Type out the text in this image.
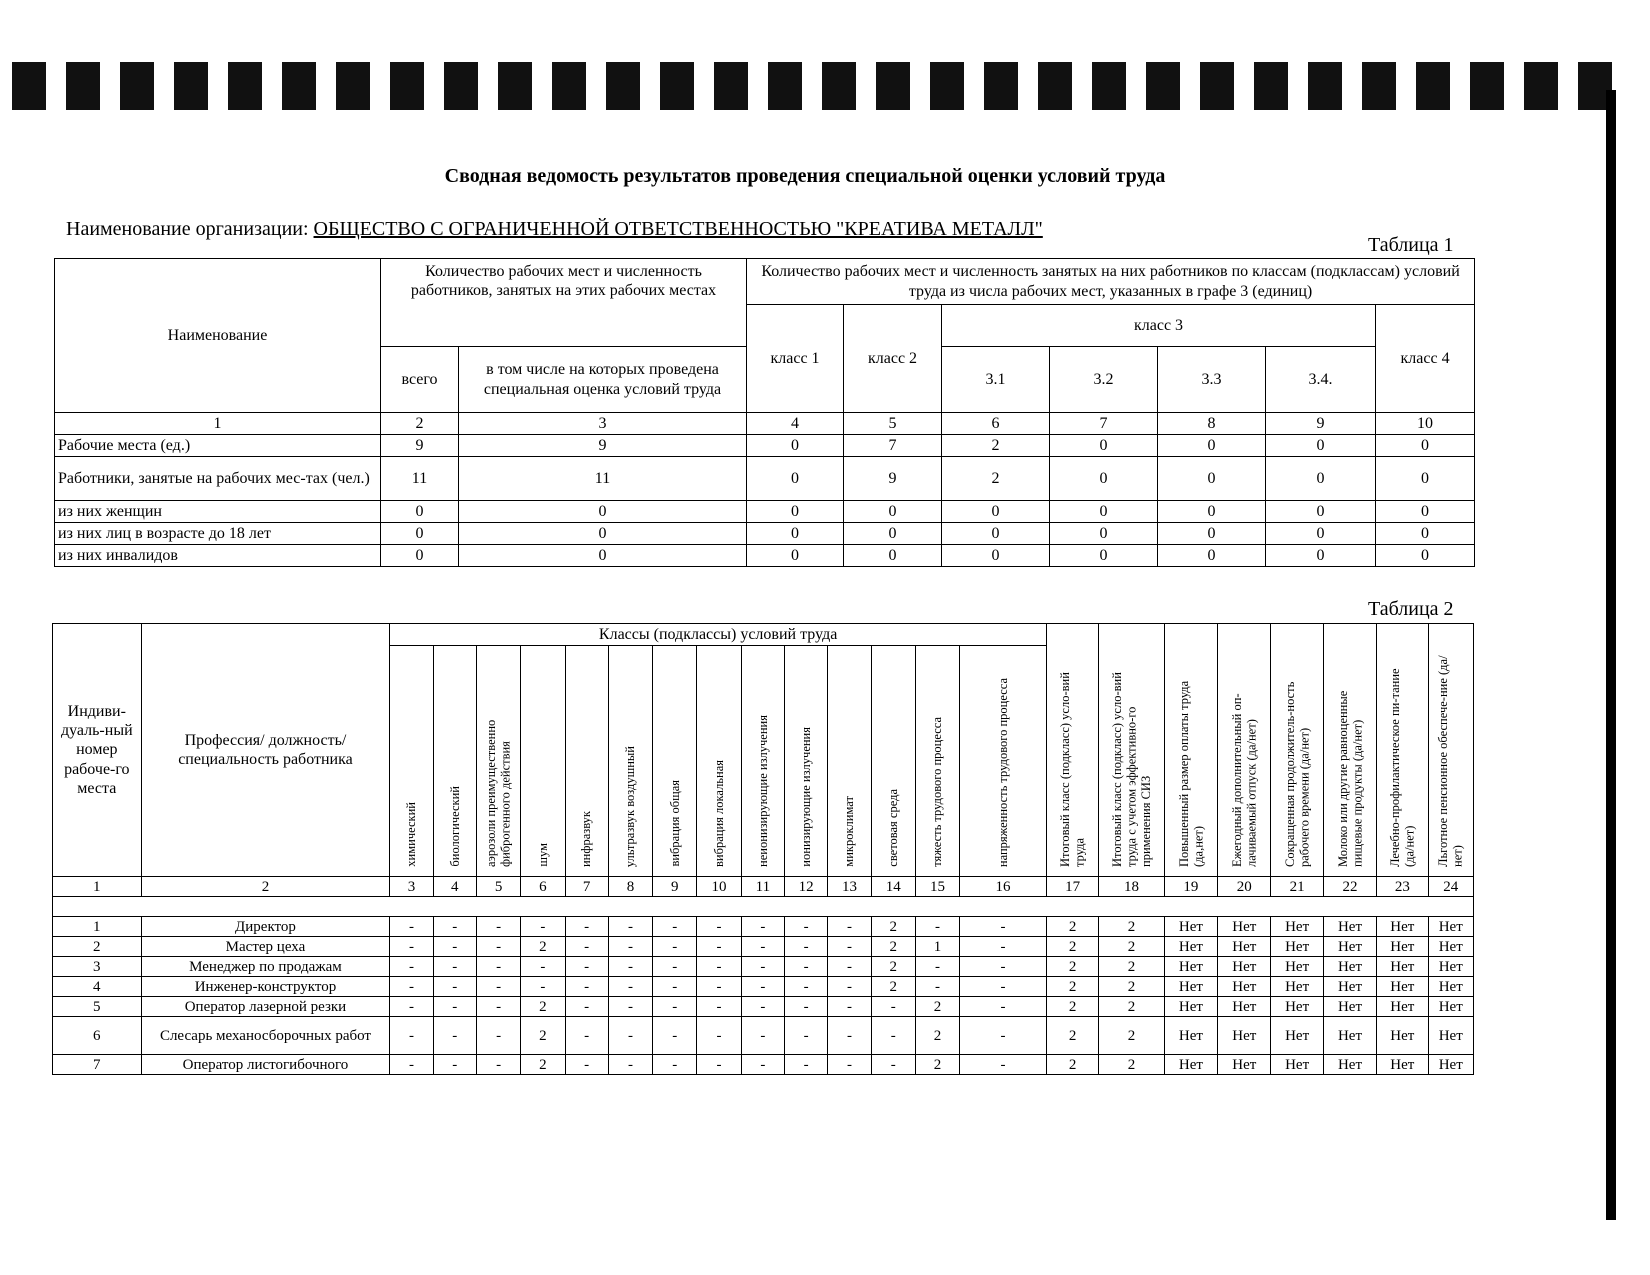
Сводная ведомость результатов проведения специальной оценки условий труда
Наименование организации: ОБЩЕСТВО С ОГРАНИЧЕННОЙ ОТВЕТСТВЕННОСТЬЮ "КРЕАТИВА МЕТАЛЛ"
Таблица 1
Наименование	Количество рабочих мест и численность работников, занятых на этих рабочих местах		Количество рабочих мест и численность занятых на них работников по классам (подклассам) условий труда из числа рабочих мест, указанных в графе 3 (единиц)						
			класс 1	класс 2	класс 3				класс 4
	всего	в том числе на которых проведена специальная оценка условий труда			3.1	3.2	3.3	3.4.	
1	2	3	4	5	6	7	8	9	10
Рабочие места (ед.)	9	9	0	7	2	0	0	0	0
Работники, занятые на рабочих мес-тах (чел.)	11	11	0	9	2	0	0	0	0
из них женщин	0	0	0	0	0	0	0	0	0
из них лиц в возрасте до 18 лет	0	0	0	0	0	0	0	0	0
из них инвалидов	0	0	0	0	0	0	0	0	0
Таблица 2
Индиви-дуаль-ный номер рабоче-го места	Профессия/ должность/ специальность работника	Классы (подклассы) условий труда														Итоговый класс (подкласс) усло-вий труда	Итоговый класс (подкласс) усло-вий труда с учетом эффективно-го применения СИЗ	Повышенный размер оплаты труда (да,нет)	Ежегодный дополнительный оп-лачиваемый отпуск (да/нет)	Сокращенная продолжитель-ность рабочего времени (да/нет)	Молоко или другие равноценные пищевые продукты (да/нет)	Лечебно-профилактическое пи-тание (да/нет)	Льготное пенсионное обеспече-ние (да/нет)
		химический	биологический	аэрозоли преимущественно фиброгенного действия	шум	инфразвук	ультразвук воздушный	вибрация общая	вибрация локальная	неионизирующие излучения	ионизирующие излучения	микроклимат	световая среда	тяжесть трудового процесса	напряженность трудового процесса								
1	2	3	4	5	6	7	8	9	10	11	12	13	14	15	16	17	18	19	20	21	22	23	24

1	Директор	-	-	-	-	-	-	-	-	-	-	-	2	-	-	2	2	Нет	Нет	Нет	Нет	Нет	Нет
2	Мастер цеха	-	-	-	2	-	-	-	-	-	-	-	2	1	-	2	2	Нет	Нет	Нет	Нет	Нет	Нет
3	Менеджер по продажам	-	-	-	-	-	-	-	-	-	-	-	2	-	-	2	2	Нет	Нет	Нет	Нет	Нет	Нет
4	Инженер-конструктор	-	-	-	-	-	-	-	-	-	-	-	2	-	-	2	2	Нет	Нет	Нет	Нет	Нет	Нет
5	Оператор лазерной резки	-	-	-	2	-	-	-	-	-	-	-	-	2	-	2	2	Нет	Нет	Нет	Нет	Нет	Нет
6	Слесарь механосборочных работ	-	-	-	2	-	-	-	-	-	-	-	-	2	-	2	2	Нет	Нет	Нет	Нет	Нет	Нет
7	Оператор листогибочного	-	-	-	2	-	-	-	-	-	-	-	-	2	-	2	2	Нет	Нет	Нет	Нет	Нет	Нет
